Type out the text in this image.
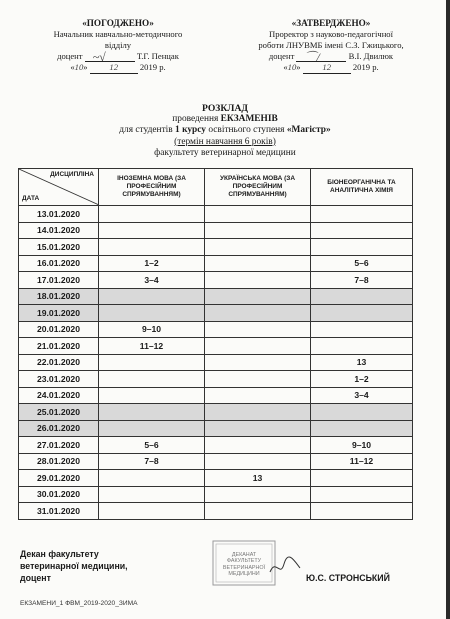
«ПОГОДЖЕНО»
Начальник навчально-методичного
відділу
доцент ~√	Т.Г. Пенцак
«10» 12	2019 р.
«ЗАТВЕРДЖЕНО»
Проректор з науково-педагогічної
роботи ЛНУВМБ імені С.З. Гжицького,
доцент ⌒/	В.І. Двилюк
«10» 12	2019 р.
РОЗКЛАД
проведення ЕКЗАМЕНІВ
для студентів 1 курсу освітнього ступеня «Магістр»
(термін навчання 6 років)
факультету ветеринарної медицини
ДИСЦИПЛІНА
ДАТА	ІНОЗЕМНА МОВА (ЗА ПРОФЕСІЙНИМ СПРЯМУВАННЯМ)	УКРАЇНСЬКА МОВА (ЗА ПРОФЕСІЙНИМ СПРЯМУВАННЯМ)	БІОНЕОРГАНІЧНА ТА АНАЛІТИЧНА ХІМІЯ
13.01.2020			
14.01.2020			
15.01.2020			
16.01.2020	1–2		5–6
17.01.2020	3–4		7–8
18.01.2020			
19.01.2020			
20.01.2020	9–10		
21.01.2020	11–12		
22.01.2020			13
23.01.2020			1–2
24.01.2020			3–4
25.01.2020			
26.01.2020			
27.01.2020	5–6		9–10
28.01.2020	7–8		11–12
29.01.2020		13	
30.01.2020			
31.01.2020			
Декан факультету
ветеринарної медицини,
доцент
ДЕКАНАТ ФАКУЛЬТЕТУ ВЕТЕРИНАРНОЇ МЕДИЦИНИ	Ю.С. СТРОНСЬКИЙ
ЕКЗАМЕНИ_1 ФВМ_2019-2020_ЗИМА
